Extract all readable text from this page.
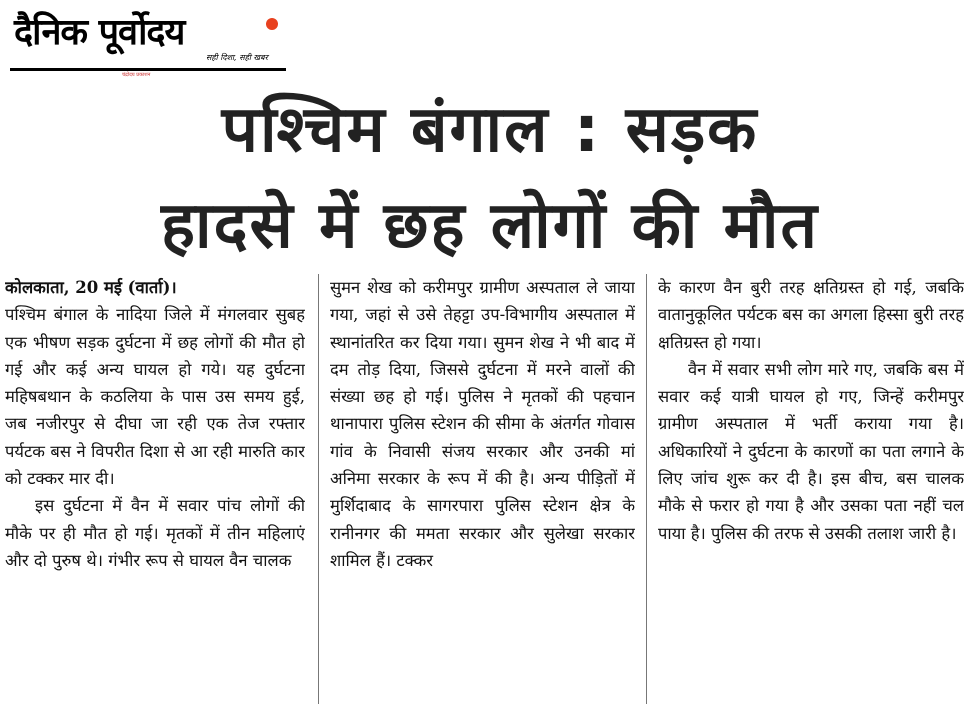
दैनिक पूर्वोदय
सही दिशा, सही खबर
चंद्रोदय प्रकाशन
पश्चिम बंगाल : सड़क
हादसे में छह लोगों की मौत

कोलकाता, 20 मई (वार्ता)।

पश्चिम बंगाल के नादिया जिले में मंगलवार सुबह एक भीषण सड़क दुर्घटना में छह लोगों की मौत हो गई और कई अन्य घायल हो गये। यह दुर्घटना महिषबथान के कठलिया के पास उस समय हुई, जब नजीरपुर से दीघा जा रही एक तेज रफ्तार पर्यटक बस ने विपरीत दिशा से आ रही मारुति कार को टक्कर मार दी।

इस दुर्घटना में वैन में सवार पांच लोगों की मौके पर ही मौत हो गई। मृतकों में तीन महिलाएं और दो पुरुष थे। गंभीर रूप से घायल वैन चालक

सुमन शेख को करीमपुर ग्रामीण अस्पताल ले जाया गया, जहां से उसे तेहट्टा उप-विभागीय अस्पताल में स्थानांतरित कर दिया गया। सुमन शेख ने भी बाद में दम तोड़ दिया, जिससे दुर्घटना में मरने वालों की संख्या छह हो गई। पुलिस ने मृतकों की पहचान थानापारा पुलिस स्टेशन की सीमा के अंतर्गत गोवास गांव के निवासी संजय सरकार और उनकी मां अनिमा सरकार के रूप में की है। अन्य पीड़ितों में मुर्शिदाबाद के सागरपारा पुलिस स्टेशन क्षेत्र के रानीनगर की ममता सरकार और सुलेखा सरकार शामिल हैं। टक्कर

के कारण वैन बुरी तरह क्षतिग्रस्त हो गई, जबकि वातानुकूलित पर्यटक बस का अगला हिस्सा बुरी तरह क्षतिग्रस्त हो गया।

वैन में सवार सभी लोग मारे गए, जबकि बस में सवार कई यात्री घायल हो गए, जिन्हें करीमपुर ग्रामीण अस्पताल में भर्ती कराया गया है। अधिकारियों ने दुर्घटना के कारणों का पता लगाने के लिए जांच शुरू कर दी है। इस बीच, बस चालक मौके से फरार हो गया है और उसका पता नहीं चल पाया है। पुलिस की तरफ से उसकी तलाश जारी है।
